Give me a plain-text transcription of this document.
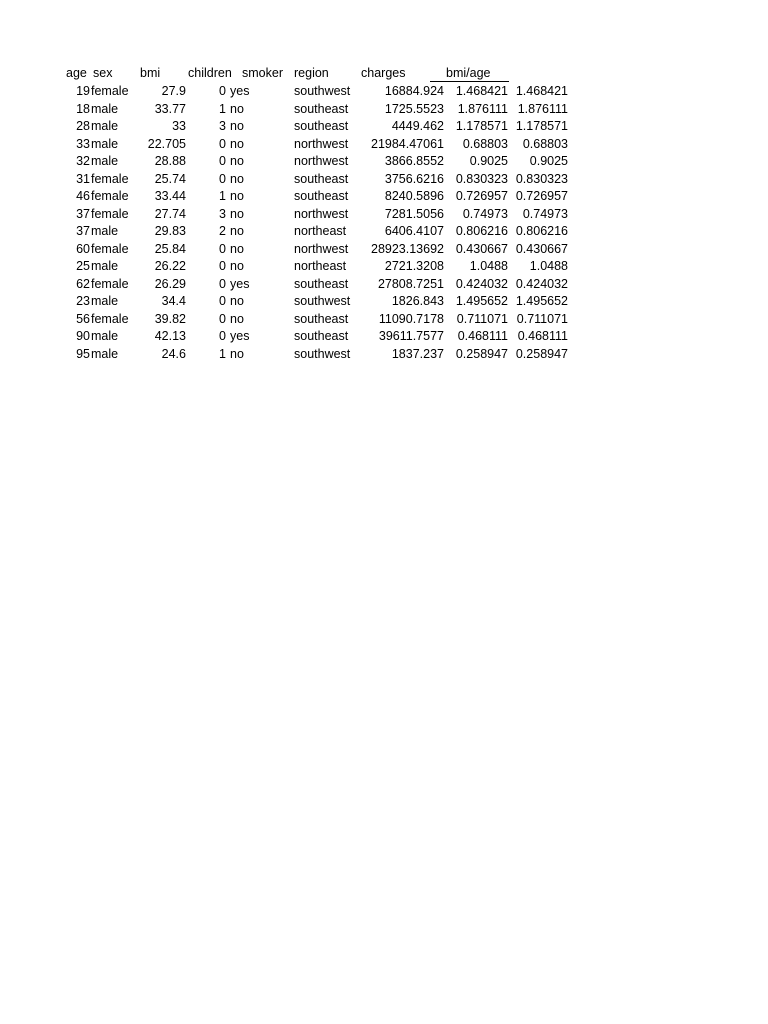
age sex bmi children smoker region	charges	bmi/age
19 female	27.9	0 yes	southwest	16884.924 1.468421 1.468421
18 male	33.77	1 no	southeast	1725.5523	1.876111 1.876111
28 male	33	3 no	southeast	4449.462 1.178571 1.178571
33 male	22.705	0 no	northwest	21984.47061	0.68803	0.68803
32 male	28.88	0 no	northwest	3866.8552	0.9025	0.9025
31 female	25.74	0 no	southeast	3756.6216 0.830323 0.830323
46 female	33.44	1 no	southeast	8240.5896 0.726957 0.726957
37 female	27.74	3 no	northwest	7281.5056	0.74973	0.74973
37 male	29.83	2 no	northeast	6406.4107 0.806216 0.806216
60 female	25.84	0 no	northwest	28923.13692 0.430667 0.430667
25 male	26.22	0 no	northeast	2721.3208	1.0488	1.0488
62 female	26.29	0 yes	southeast	27808.7251 0.424032 0.424032
23 male	34.4	0 no	southwest	1826.843 1.495652 1.495652
56 female	39.82	0 no	southeast	11090.7178	0.711071 0.711071
90 male	42.13	0 yes	southeast	39611.7577	0.468111 0.468111
95 male	24.6	1 no	southwest	1837.237 0.258947 0.258947
